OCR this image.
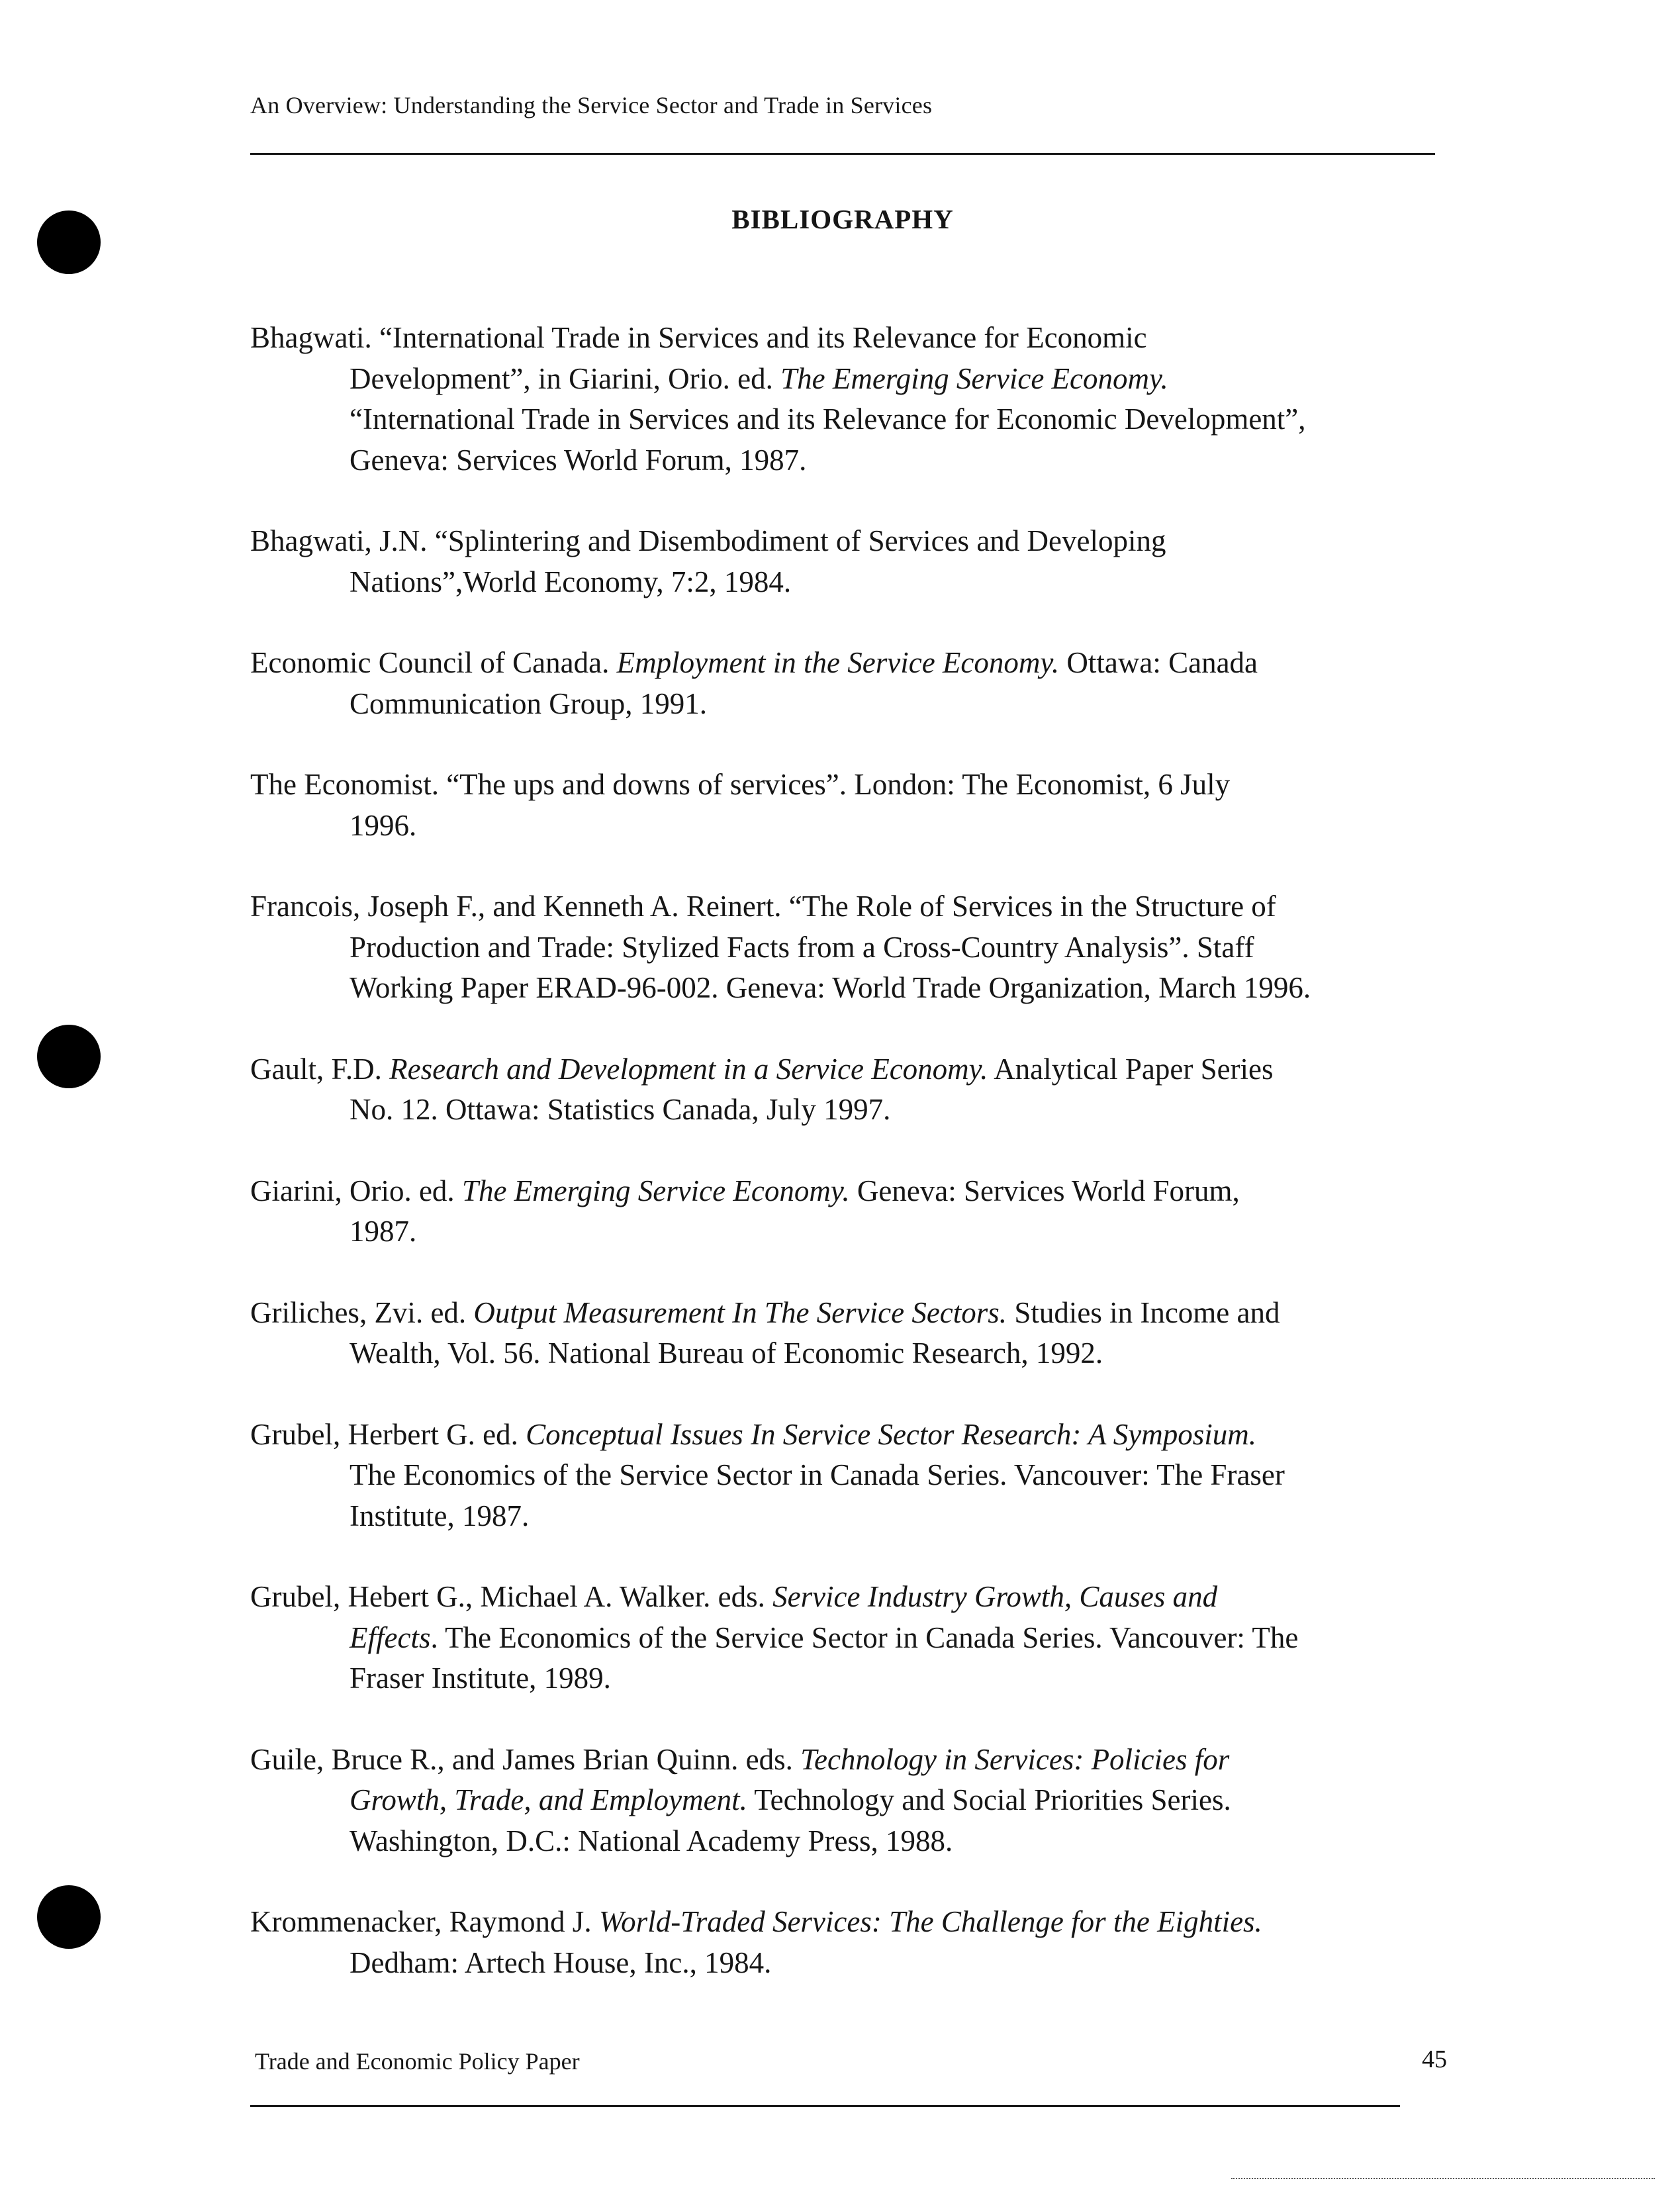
An Overview: Understanding the Service Sector and Trade in Services
BIBLIOGRAPHY
Bhagwati. “International Trade in Services and its Relevance for Economic
Development”, in Giarini, Orio. ed. The Emerging Service Economy.
“International Trade in Services and its Relevance for Economic Development”,
Geneva: Services World Forum, 1987.
Bhagwati, J.N. “Splintering and Disembodiment of Services and Developing
Nations”,World Economy, 7:2, 1984.
Economic Council of Canada. Employment in the Service Economy. Ottawa: Canada
Communication Group, 1991.
The Economist. “The ups and downs of services”. London: The Economist, 6 July
1996.
Francois, Joseph F., and Kenneth A. Reinert. “The Role of Services in the Structure of
Production and Trade: Stylized Facts from a Cross-Country Analysis”. Staff
Working Paper ERAD-96-002. Geneva: World Trade Organization, March 1996.
Gault, F.D. Research and Development in a Service Economy. Analytical Paper Series
No. 12. Ottawa: Statistics Canada, July 1997.
Giarini, Orio. ed. The Emerging Service Economy. Geneva: Services World Forum,
1987.
Griliches, Zvi. ed. Output Measurement In The Service Sectors. Studies in Income and
Wealth, Vol. 56. National Bureau of Economic Research, 1992.
Grubel, Herbert G. ed. Conceptual Issues In Service Sector Research: A Symposium.
The Economics of the Service Sector in Canada Series. Vancouver: The Fraser
Institute, 1987.
Grubel, Hebert G., Michael A. Walker. eds. Service Industry Growth, Causes and
Effects. The Economics of the Service Sector in Canada Series. Vancouver: The
Fraser Institute, 1989.
Guile, Bruce R., and James Brian Quinn. eds. Technology in Services: Policies for
Growth, Trade, and Employment. Technology and Social Priorities Series.
Washington, D.C.: National Academy Press, 1988.
Krommenacker, Raymond J. World-Traded Services: The Challenge for the Eighties.
Dedham: Artech House, Inc., 1984.
Trade and Economic Policy Paper	45
